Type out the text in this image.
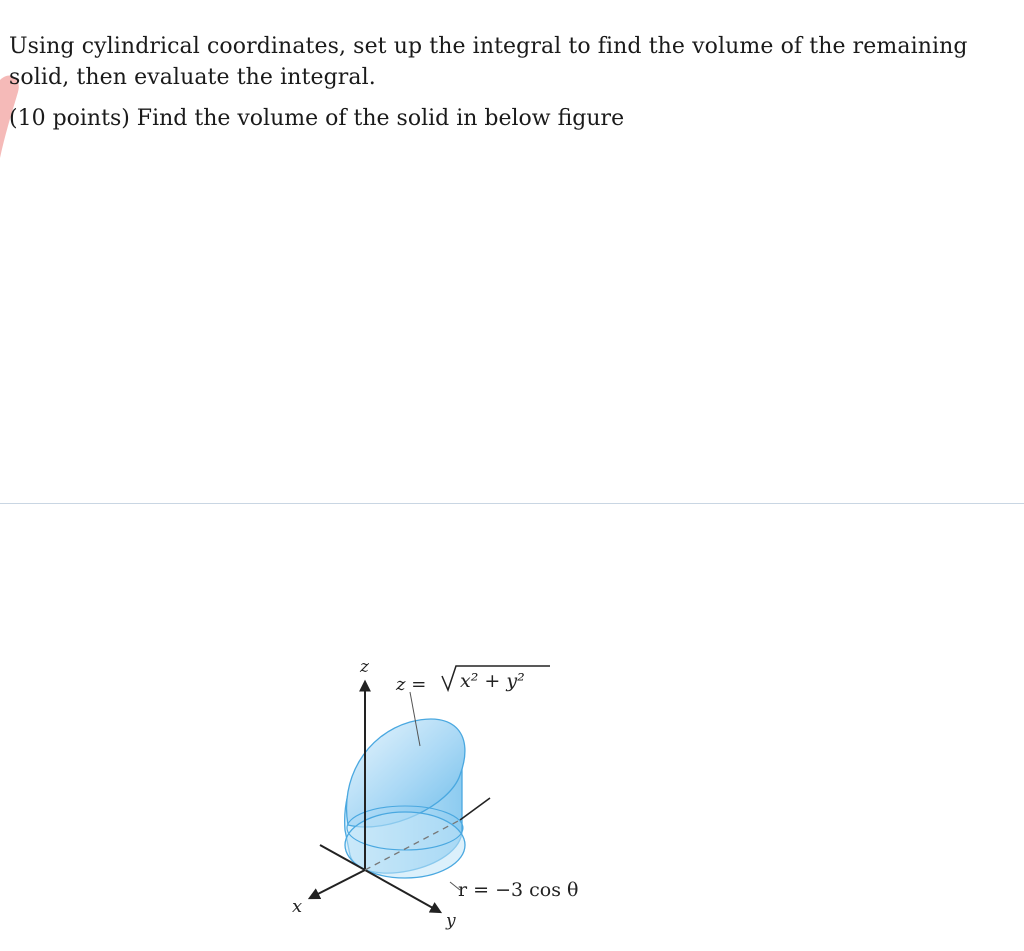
Using cylindrical coordinates, set up the integral to find the volume of the remaining solid, then evaluate the integral.
(10 points) Find the volume of the solid in below figure
z
x
y
z = x² + y²
r = −3 cos θ
